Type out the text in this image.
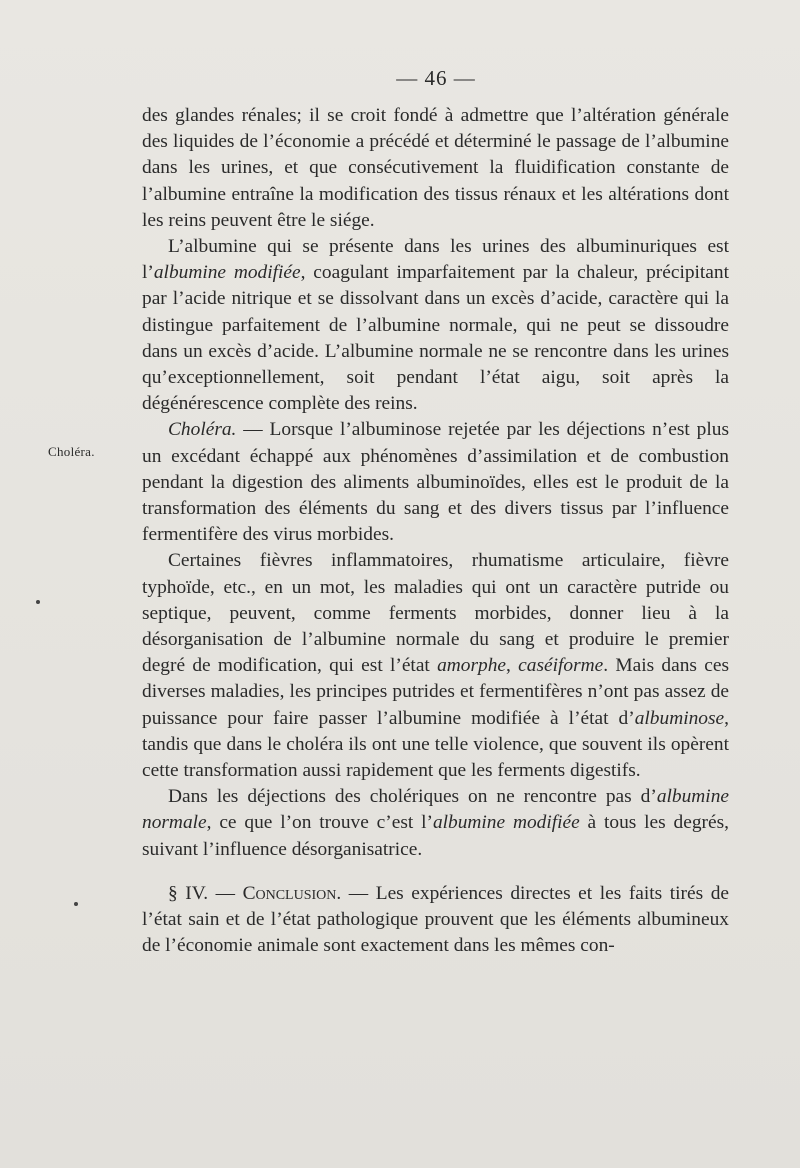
— 46 —
Choléra.

des glandes rénales; il se croit fondé à admettre que l’altération générale des liquides de l’économie a précédé et déterminé le passage de l’albumine dans les urines, et que consécutivement la fluidification constante de l’albumine entraîne la modification des tissus rénaux et les altérations dont les reins peuvent être le siége.

L’albumine qui se présente dans les urines des albuminuriques est l’albumine modifiée, coagulant imparfaitement par la chaleur, précipitant par l’acide nitrique et se dissolvant dans un excès d’acide, caractère qui la distingue parfaitement de l’albumine normale, qui ne peut se dissoudre dans un excès d’acide. L’albumine normale ne se rencontre dans les urines qu’exceptionnellement, soit pendant l’état aigu, soit après la dégénérescence complète des reins.

Choléra. — Lorsque l’albuminose rejetée par les déjections n’est plus un excédant échappé aux phénomènes d’assimilation et de combustion pendant la digestion des aliments albuminoïdes, elles est le produit de la transformation des éléments du sang et des divers tissus par l’influence fermentifère des virus morbides.

Certaines fièvres inflammatoires, rhumatisme articulaire, fièvre typhoïde, etc., en un mot, les maladies qui ont un caractère putride ou septique, peuvent, comme ferments morbides, donner lieu à la désorganisation de l’albumine normale du sang et produire le premier degré de modification, qui est l’état amorphe, caséiforme. Mais dans ces diverses maladies, les principes putrides et fermentifères n’ont pas assez de puissance pour faire passer l’albumine modifiée à l’état d’albuminose, tandis que dans le choléra ils ont une telle violence, que souvent ils opèrent cette transformation aussi rapidement que les ferments digestifs.

Dans les déjections des cholériques on ne rencontre pas d’albumine normale, ce que l’on trouve c’est l’albumine modifiée à tous les degrés, suivant l’influence désorganisatrice.

§ IV. — Conclusion. — Les expériences directes et les faits tirés de l’état sain et de l’état pathologique prouvent que les éléments albumineux de l’économie animale sont exactement dans les mêmes con-
